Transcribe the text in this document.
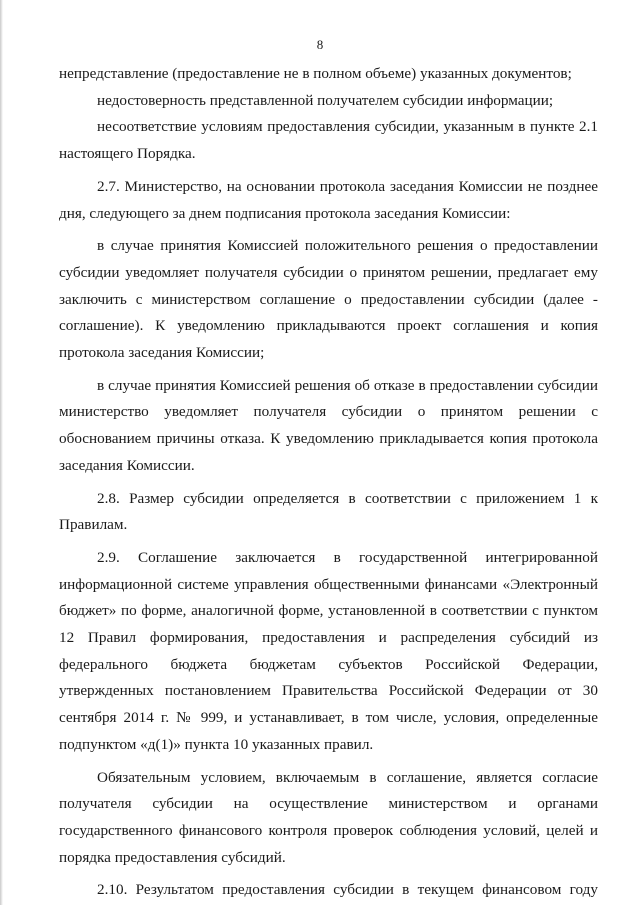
8

непредставление (предоставление не в полном объеме) указанных документов;

недостоверность представленной получателем субсидии информации;

несоответствие условиям предоставления субсидии, указанным в пункте 2.1 настоящего Порядка.

2.7. Министерство, на основании протокола заседания Комиссии не позднее дня, следующего за днем подписания протокола заседания Комиссии:

в случае принятия Комиссией положительного решения о предоставлении субсидии уведомляет получателя субсидии о принятом решении, предлагает ему заключить с министерством соглашение о предоставлении субсидии (далее - соглашение). К уведомлению прикладываются проект соглашения и копия протокола заседания Комиссии;

в случае принятия Комиссией решения об отказе в предоставлении субсидии министерство уведомляет получателя субсидии о принятом решении с обоснованием причины отказа. К уведомлению прикладывается копия протокола заседания Комиссии.

2.8. Размер субсидии определяется в соответствии с приложением 1 к Правилам.

2.9. Соглашение заключается в государственной интегрированной информационной системе управления общественными финансами «Электронный бюджет» по форме, аналогичной форме, установленной в соответствии с пунктом 12 Правил формирования, предоставления и распределения субсидий из федерального бюджета бюджетам субъектов Российской Федерации, утвержденных постановлением Правительства Российской Федерации от 30 сентября 2014 г. № 999, и устанавливает, в том числе, условия, определенные подпунктом «д(1)» пункта 10 указанных правил.

Обязательным условием, включаемым в соглашение, является согласие получателя субсидии на осуществление министерством и органами государственного финансового контроля проверок соблюдения условий, целей и порядка предоставления субсидий.

2.10. Результатом предоставления субсидии в текущем финансовом году
